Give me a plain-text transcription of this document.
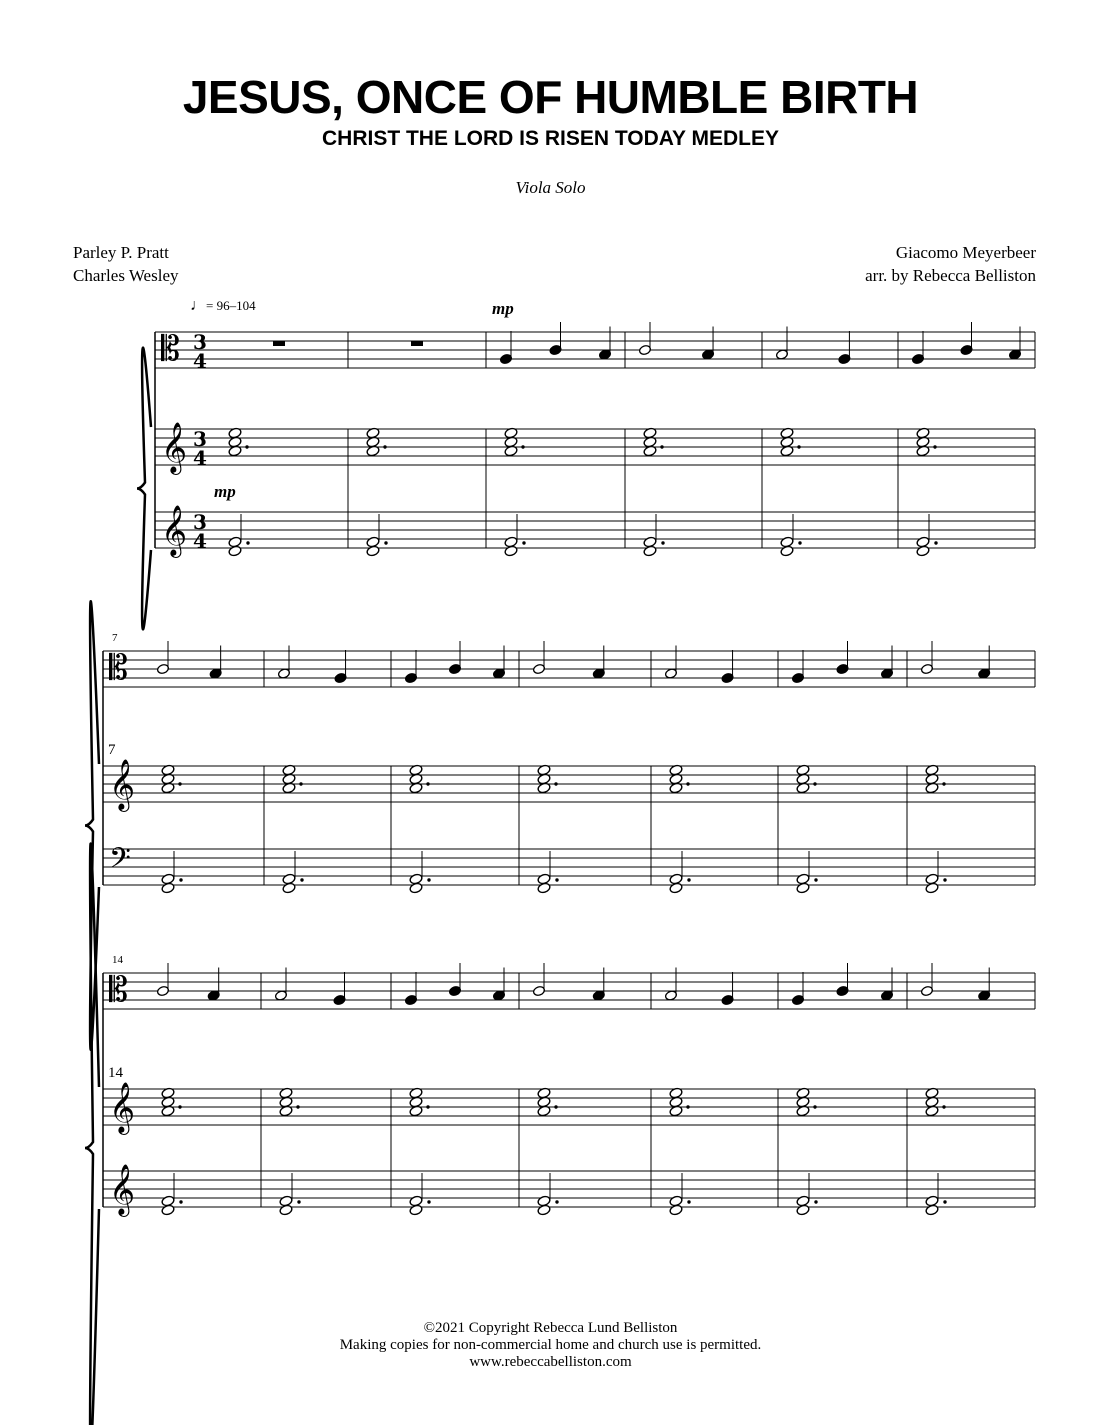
JESUS, ONCE OF HUMBLE BIRTH
CHRIST THE LORD IS RISEN TODAY MEDLEY
Viola Solo
Parley P. Pratt
Charles Wesley
Giacomo Meyerbeer
arr. by Rebecca Belliston
♩= 96–104
𝄡 3
4
𝄞 3
4
𝄞 3
4
𝄡
𝄞
𝄢
𝄡
𝄞
𝄞
mp
mp
7
7
14
14
©2021 Copyright Rebecca Lund Belliston
Making copies for non-commercial home and church use is permitted.
www.rebeccabelliston.com
